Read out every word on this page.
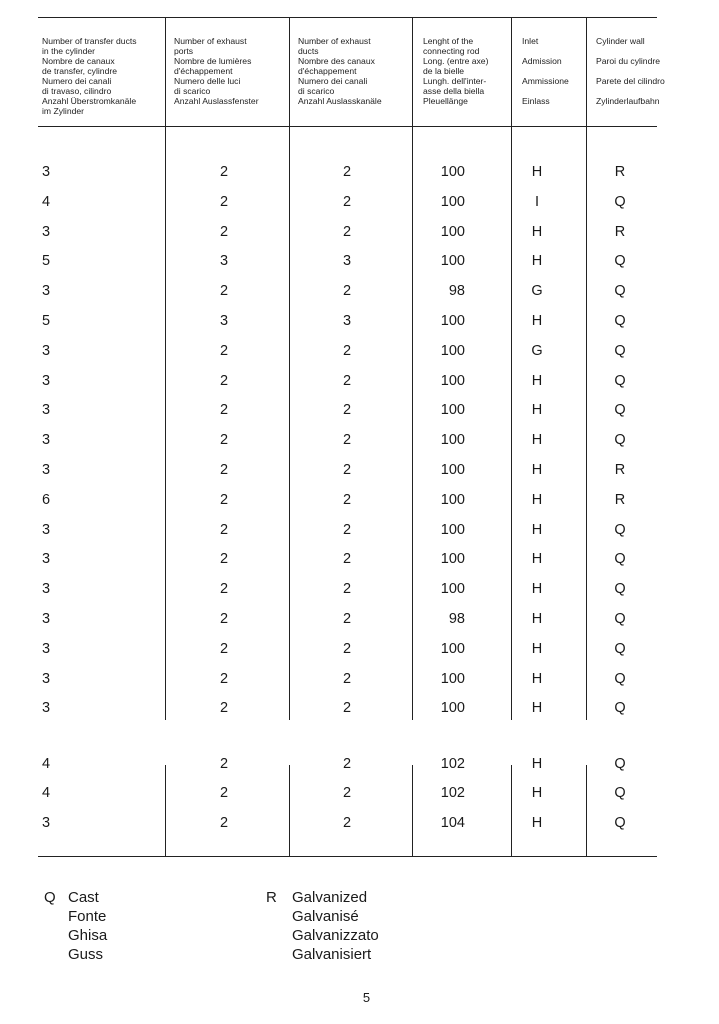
Number of transfer ducts
in the cylinder
Nombre de canaux
de transfer, cylindre
Numero dei canali
di travaso, cilindro
Anzahl Überstromkanäle
im Zylinder

Number of exhaust
ports
Nombre de lumières
d'échappement
Numero delle luci
di scarico
Anzahl Auslassfenster

Number of exhaust
ducts
Nombre des canaux
d'échappement
Numero dei canali
di scarico
Anzahl Auslasskanäle

Lenght of the
connecting rod
Long. (entre axe)
de la bielle
Lungh. dell'inter-
asse della biella
Pleuellänge

Inlet
Admission
Ammissione
Einlass

Cylinder wall
Paroi du cylindre
Parete del cilindro
Zylinderlaufbahn

3	2	2	100	H	R
4	2	2	100	I	Q
3	2	2	100	H	R
5	3	3	100	H	Q
3	2	2	98	G	Q
5	3	3	100	H	Q
3	2	2	100	G	Q
3	2	2	100	H	Q
3	2	2	100	H	Q
3	2	2	100	H	Q
3	2	2	100	H	R
6	2	2	100	H	R
3	2	2	100	H	Q
3	2	2	100	H	Q
3	2	2	100	H	Q
3	2	2	98	H	Q
3	2	2	100	H	Q
3	2	2	100	H	Q
3	2	2	100	H	Q
4	2	2	102	H	Q
4	2	2	102	H	Q
3	2	2	104	H	Q
Q Cast
Fonte
Ghisa
Guss
R Galvanized
Galvanisé
Galvanizzato
Galvanisiert
5
